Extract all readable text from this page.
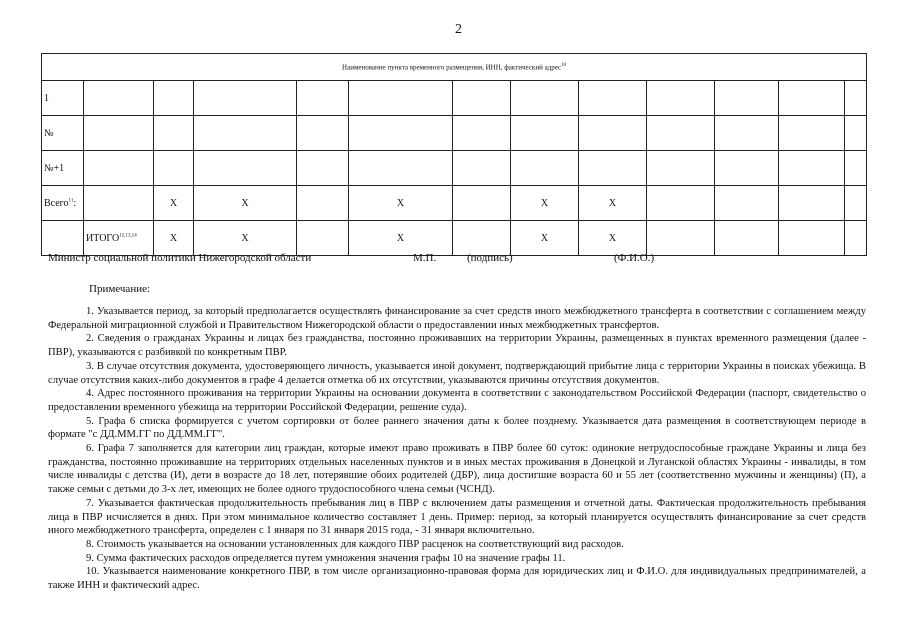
2
Наименование пункта временного размещения, ИНН, фактический адрес$^{10}$
1												
№												
№+1												
Всего$^{11}$:		Х	Х		Х		Х	Х				
	ИТОГО$^{12,13,14}$	Х	Х		Х		Х	Х				
Министр социальной политики Нижегородской области	М.П.	(подпись)	(Ф.И.О.)
Примечание:

1. Указывается период, за который предполагается осуществлять финансирование за счет средств иного межбюджетного трансферта в соответствии с соглашением между Федеральной миграционной службой и Правительством Нижегородской области о предоставлении иных межбюджетных трансфертов.

2. Сведения о гражданах Украины и лицах без гражданства, постоянно проживавших на территории Украины, размещенных в пунктах временного размещения (далее - ПВР), указываются с разбивкой по конкретным ПВР.

3. В случае отсутствия документа, удостоверяющего личность, указывается иной документ, подтверждающий прибытие лица с территории Украины в поисках убежища. В случае отсутствия каких-либо документов в графе 4 делается отметка об их отсутствии, указываются причины отсутствия документов.

4. Адрес постоянного проживания на территории Украины на основании документа в соответствии с законодательством Российской Федерации (паспорт, свидетельство о предоставлении временного убежища на территории Российской Федерации, решение суда).

5. Графа 6 списка формируется с учетом сортировки от более раннего значения даты к более позднему. Указывается дата размещения в соответствующем периоде в формате "с ДД.ММ.ГГ по ДД.ММ.ГГ".

6. Графа 7 заполняется для категории лиц граждан, которые имеют право проживать в ПВР более 60 суток: одинокие нетрудоспособные граждане Украины и лица без гражданства, постоянно проживавшие на территориях отдельных населенных пунктов и в иных местах проживания в Донецкой и Луганской областях Украины - инвалиды, в том числе инвалиды с детства (И), дети в возрасте до 18 лет, потерявшие обоих родителей (ДБР), лица достигшие возраста 60 и 55 лет (соответственно мужчины и женщины) (П), а также семьи с детьми до 3-х лет, имеющих не более одного трудоспособного члена семьи (ЧСНД).

7. Указывается фактическая продолжительность пребывания лиц в ПВР с включением даты размещения и отчетной даты. Фактическая продолжительность пребывания лица в ПВР исчисляется в днях. При этом минимальное количество составляет 1 день. Пример: период, за который планируется осуществлять финансирование за счет средств иного межбюджетного трансферта, определен с 1 января по 31 января 2015 года, - 31 января включительно.

8. Стоимость указывается на основании установленных для каждого ПВР расценок на соответствующий вид расходов.

9. Сумма фактических расходов определяется путем умножения значения графы 10 на значение графы 11.

10. Указывается наименование конкретного ПВР, в том числе организационно-правовая форма для юридических лиц и Ф.И.О. для индивидуальных предпринимателей, а также ИНН и фактический адрес.
